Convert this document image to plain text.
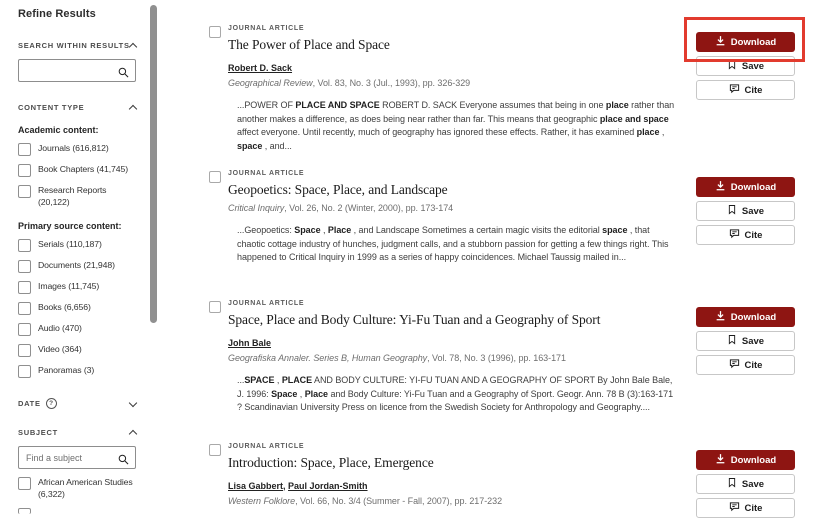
Refine Results
SEARCH WITHIN RESULTS
CONTENT TYPE
Academic content:
Journals (616,812)
Book Chapters (41,745)
Research Reports (20,122)
Primary source content:
Serials (110,187)
Documents (21,948)
Images (11,745)
Books (6,656)
Audio (470)
Video (364)
Panoramas (3)
DATE	?
SUBJECT
Find a subject
African American Studies (6,322)
JOURNAL ARTICLE
The Power of Place and Space
Robert D. Sack
Geographical Review, Vol. 83, No. 3 (Jul., 1993), pp. 326-329

...POWER OF PLACE AND SPACE ROBERT D. SACK Everyone assumes that being in one place rather than another makes a difference, as does being near rather than far. This means that geographic place and space affect everyone. Until recently, much of geography has ignored these effects. Rather, it has examined place , space , and...

Download
Save
Cite
JOURNAL ARTICLE
Geopoetics: Space, Place, and Landscape
Critical Inquiry, Vol. 26, No. 2 (Winter, 2000), pp. 173-174

...Geopoetics: Space , Place , and Landscape Sometimes a certain magic visits the editorial space , that chaotic cottage industry of hunches, judgment calls, and a stubborn passion for getting a few things right. This happened to Critical Inquiry in 1999 as a series of happy coincidences. Michael Taussig mailed in...

Download
Save
Cite
JOURNAL ARTICLE
Space, Place and Body Culture: Yi-Fu Tuan and a Geography of Sport
John Bale
Geografiska Annaler. Series B, Human Geography, Vol. 78, No. 3 (1996), pp. 163-171

...SPACE , PLACE AND BODY CULTURE: YI-FU TUAN AND A GEOGRAPHY OF SPORT By John Bale Bale, J. 1996: Space , Place and Body Culture: Yi-Fu Tuan and a Geography of Sport. Geogr. Ann. 78 B (3):163-171 ? Scandinavian University Press on licence from the Swedish Society for Anthropology and Geography....

Download
Save
Cite
JOURNAL ARTICLE
Introduction: Space, Place, Emergence
Lisa Gabbert, Paul Jordan-Smith
Western Folklore, Vol. 66, No. 3/4 (Summer - Fall, 2007), pp. 217-232
Download
Save
Cite
